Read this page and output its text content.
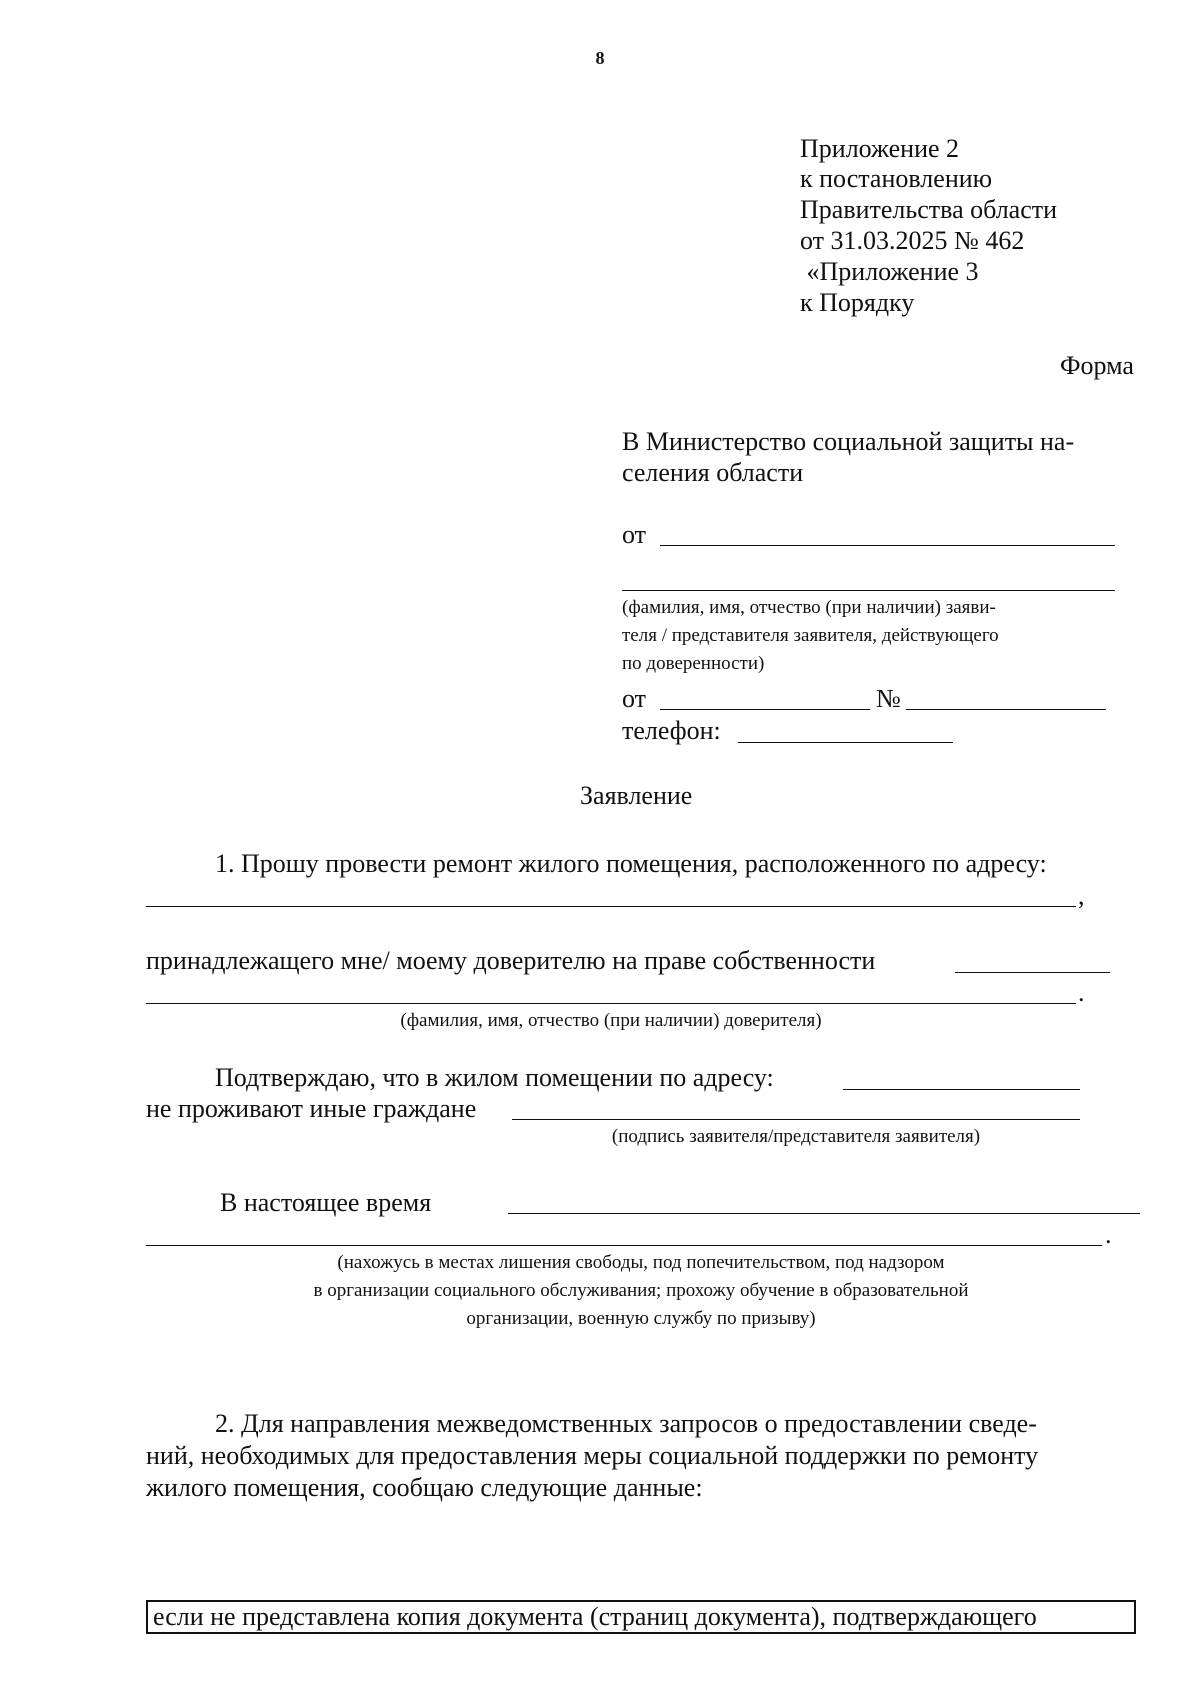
8
Приложение 2
к постановлению
Правительства области
от 31.03.2025 № 462
«Приложение 3
к Порядку
Форма
В Министерство социальной защиты на-
селения области
от
(фамилия, имя, отчество (при наличии) заяви-
теля / представителя заявителя, действующего
по доверенности)
от	№
телефон:
Заявление
1. Прошу провести ремонт жилого помещения, расположенного по адресу:
,
принадлежащего мне/ моему доверителю на праве собственности
.
(фамилия, имя, отчество (при наличии) доверителя)
Подтверждаю, что в жилом помещении по адресу:
не проживают иные граждане
(подпись заявителя/представителя заявителя)
В настоящее время
.
(нахожусь в местах лишения свободы, под попечительством, под надзором
в организации социального обслуживания; прохожу обучение в образовательной
организации, военную службу по призыву)
2. Для направления межведомственных запросов о предоставлении сведе-
ний, необходимых для предоставления меры социальной поддержки по ремонту
жилого помещения, сообщаю следующие данные:
если не представлена копия документа (страниц документа), подтверждающего
